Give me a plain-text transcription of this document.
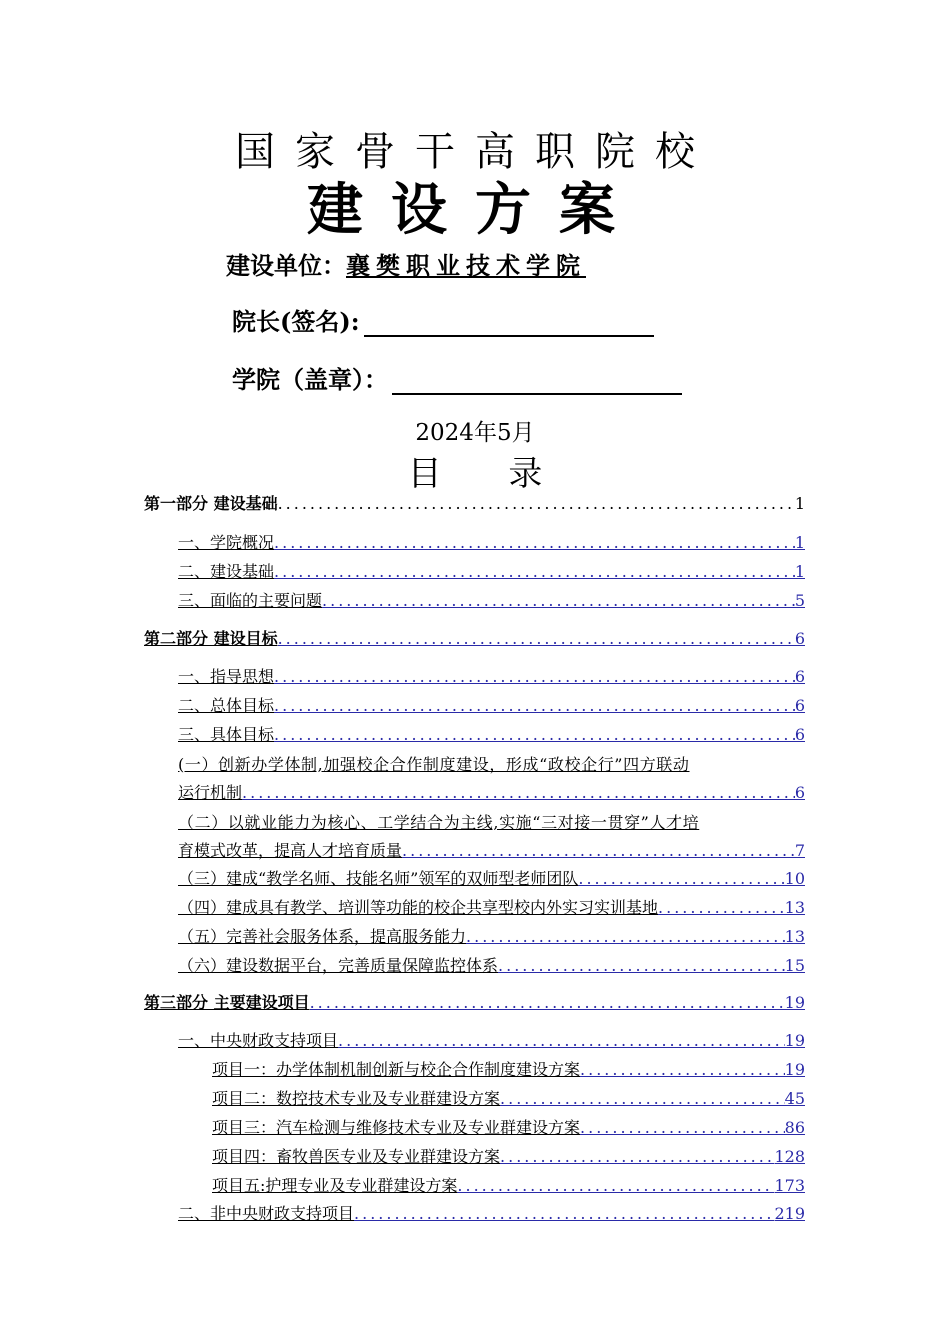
国家骨干高职院校
建设方案
建设单位：襄樊职业技术学院
院长(签名):
学院（盖章）：
2024年5月
目 录
第一部分 建设基础 .....	1
一、学院概况 .....	1
二、建设基础 .....	1
三、面临的主要问题 .....	5
第二部分 建设目标 .....	6
一、指导思想 .....	6
二、总体目标 .....	6
三、具体目标 .....	6
(一）创新办学体制,加强校企合作制度建设，形成“政校企行”四方联动
运行机制 .....	6
（二）以就业能力为核心、工学结合为主线,实施“三对接一贯穿”人才培
育模式改革，提高人才培育质量 .....	7
（三）建成“教学名师、技能名师”领军的双师型老师团队 .....	10
（四）建成具有教学、培训等功能的校企共享型校内外实习实训基地 .....	13
（五）完善社会服务体系，提高服务能力 .....	13
（六）建设数据平台，完善质量保障监控体系 .....	15
第三部分 主要建设项目 .....	19
一、中央财政支持项目 .....	19
项目一：办学体制机制创新与校企合作制度建设方案 .....	19
项目二：数控技术专业及专业群建设方案 .....	45
项目三：汽车检测与维修技术专业及专业群建设方案 .....	86
项目四：畜牧兽医专业及专业群建设方案 .....	128
项目五:护理专业及专业群建设方案 .....	173
二、非中央财政支持项目 .....	219
